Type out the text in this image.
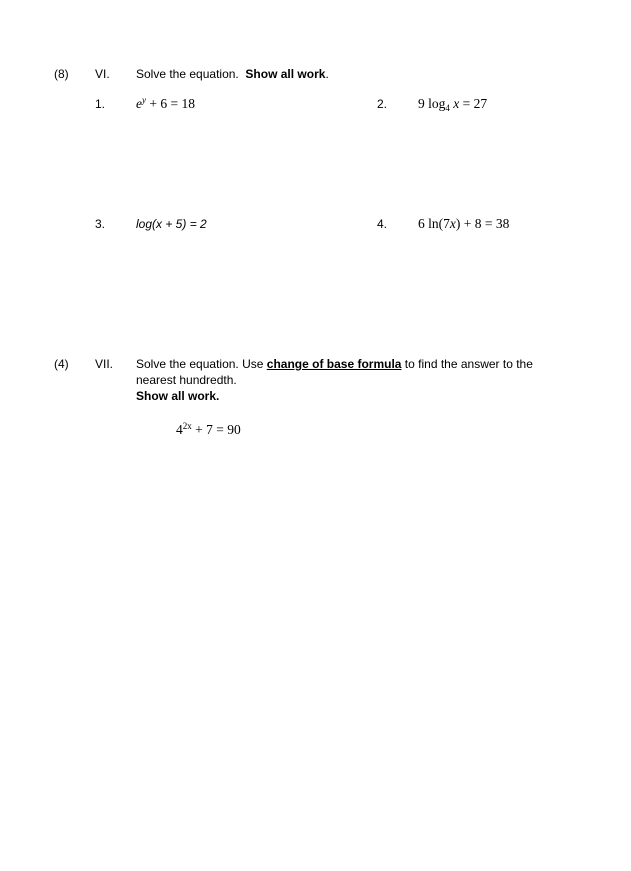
(8) VI. Solve the equation. Show all work.
1. $e^y + 6 = 18$	2. 9 $\log_4 x = 27$
3.	log(x + 5) = 2	4. 6 ln(7x) + 8 = 38
(4) VII. Solve the equation. Use change of base formula to find the answer to the
nearest hundredth.
Show all work.
$4^{2x} + 7 = 90$
